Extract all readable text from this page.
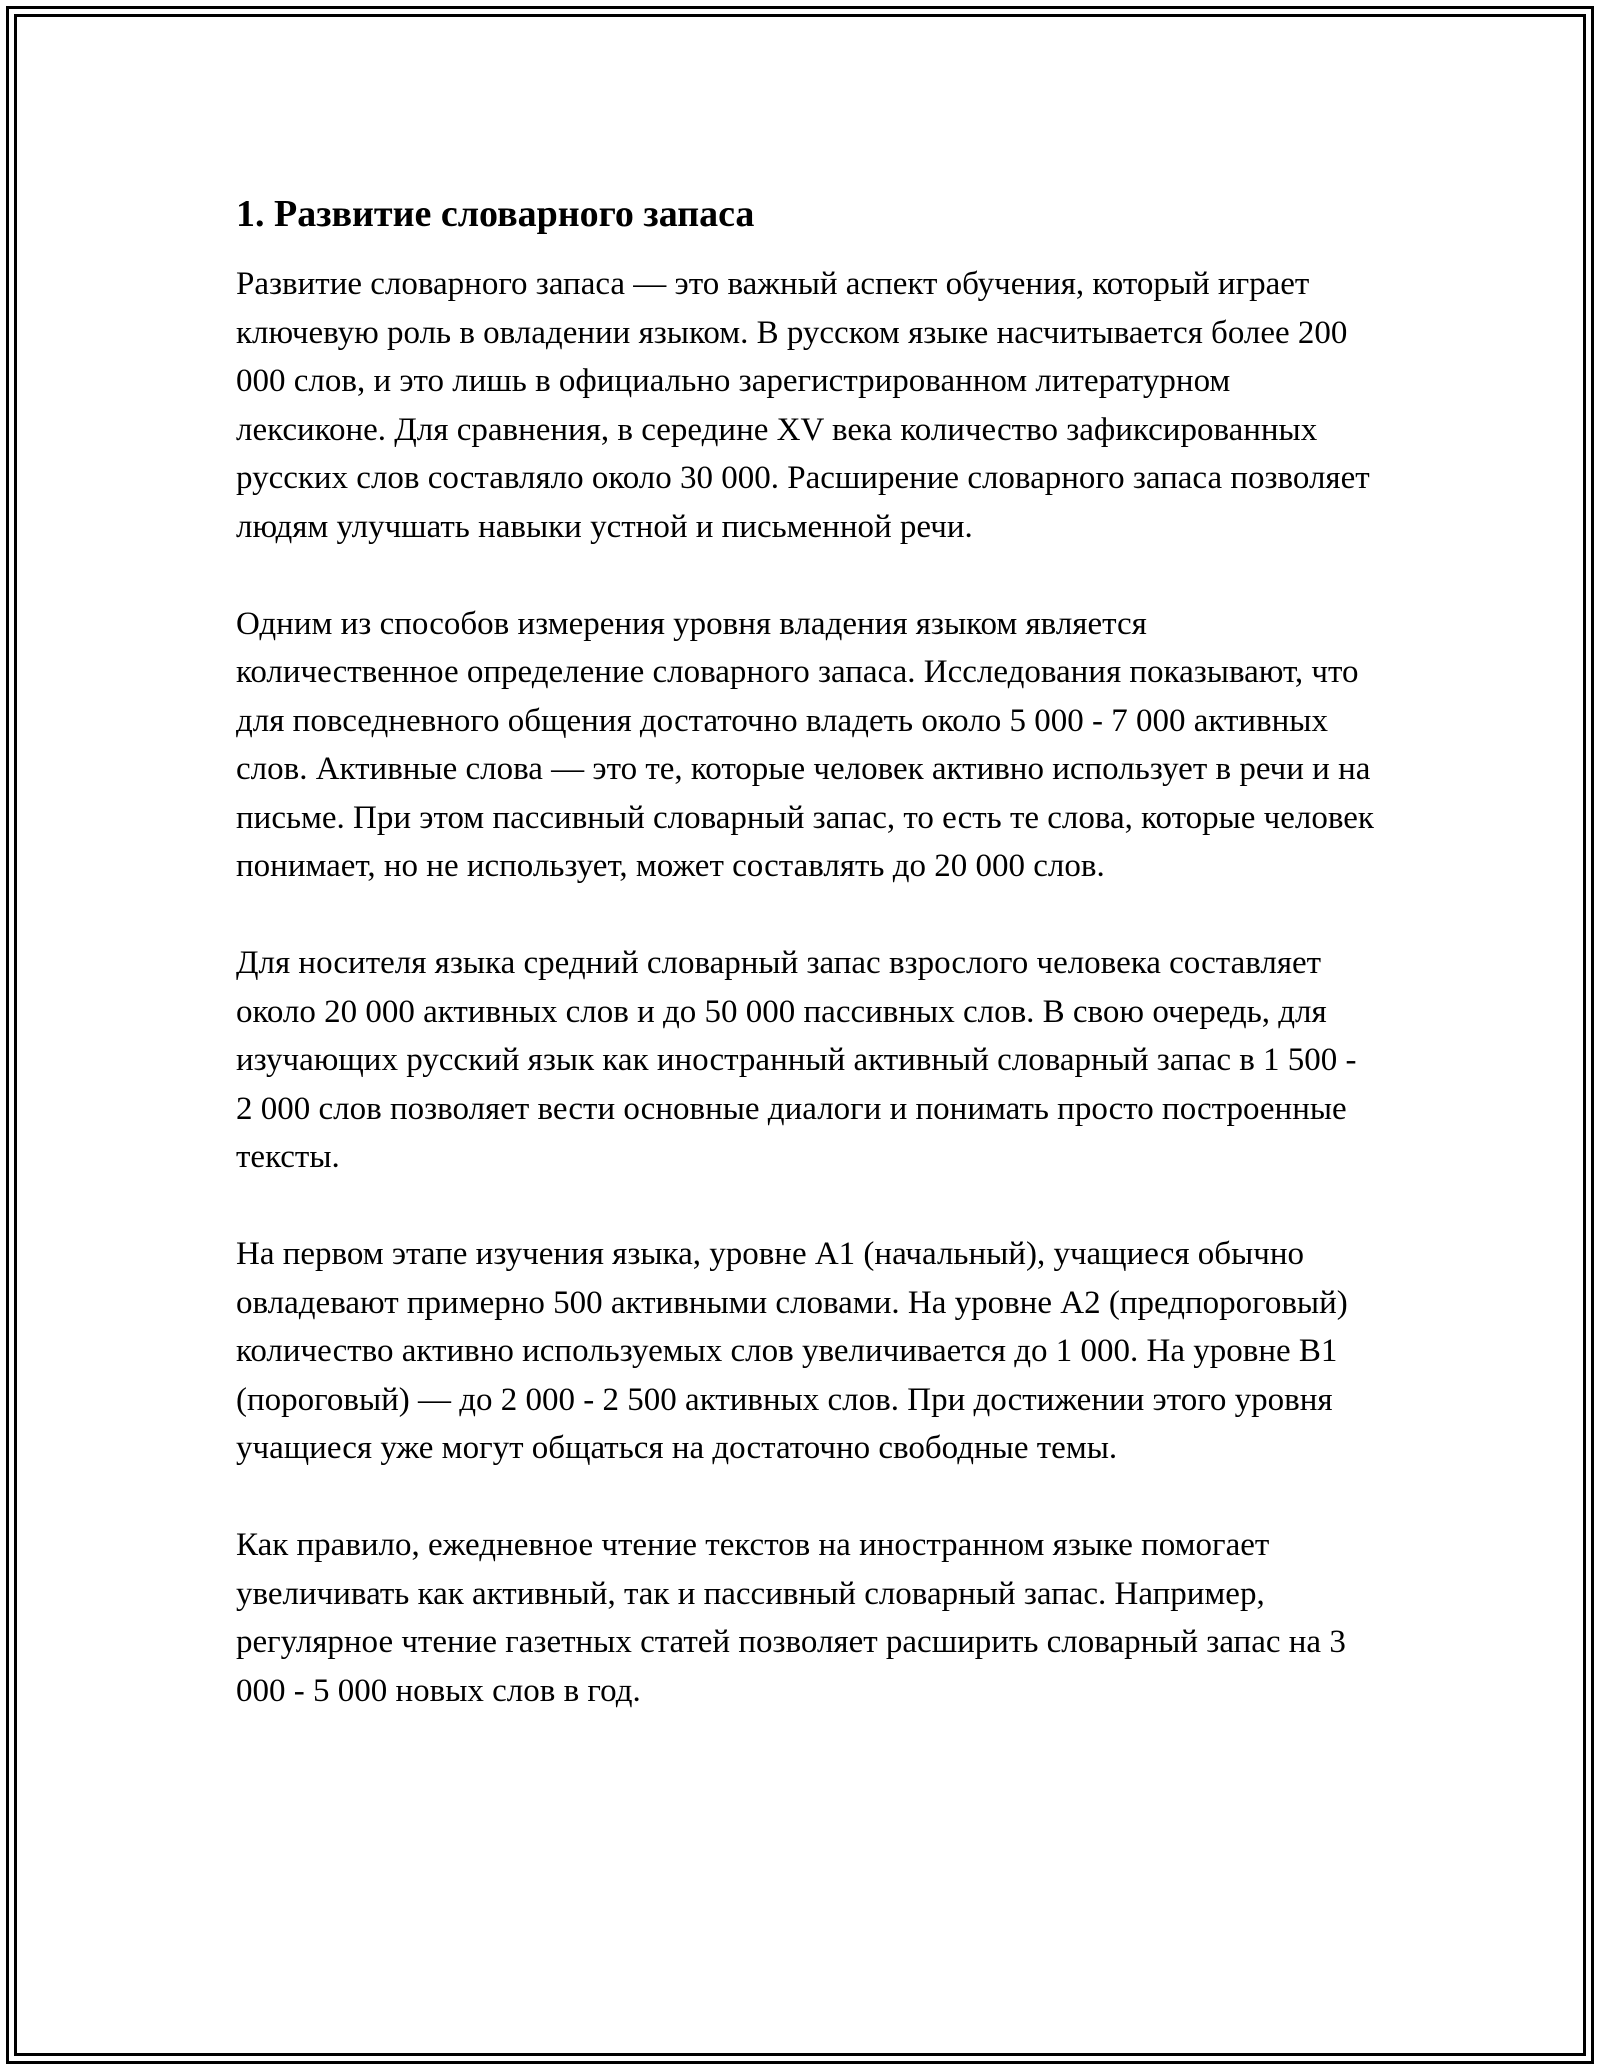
1. Развитие словарного запаса

Развитие словарного запаса — это важный аспект обучения, который играет ключевую роль в овладении языком. В русском языке насчитывается более 200 000 слов, и это лишь в официально зарегистрированном литературном лексиконе. Для сравнения, в середине XV века количество зафиксированных русских слов составляло около 30 000. Расширение словарного запаса позволяет людям улучшать навыки устной и письменной речи.

Одним из способов измерения уровня владения языком является количественное определение словарного запаса. Исследования показывают, что для повседневного общения достаточно владеть около 5 000 - 7 000 активных слов. Активные слова — это те, которые человек активно использует в речи и на письме. При этом пассивный словарный запас, то есть те слова, которые человек понимает, но не использует, может составлять до 20 000 слов.

Для носителя языка средний словарный запас взрослого человека составляет около 20 000 активных слов и до 50 000 пассивных слов. В свою очередь, для изучающих русский язык как иностранный активный словарный запас в 1 500 - 2 000 слов позволяет вести основные диалоги и понимать просто построенные тексты.

На первом этапе изучения языка, уровне A1 (начальный), учащиеся обычно овладевают примерно 500 активными словами. На уровне A2 (предпороговый) количество активно используемых слов увеличивается до 1 000. На уровне B1 (пороговый) — до 2 000 - 2 500 активных слов. При достижении этого уровня учащиеся уже могут общаться на достаточно свободные темы.

Как правило, ежедневное чтение текстов на иностранном языке помогает увеличивать как активный, так и пассивный словарный запас. Например, регулярное чтение газетных статей позволяет расширить словарный запас на 3 000 - 5 000 новых слов в год.
